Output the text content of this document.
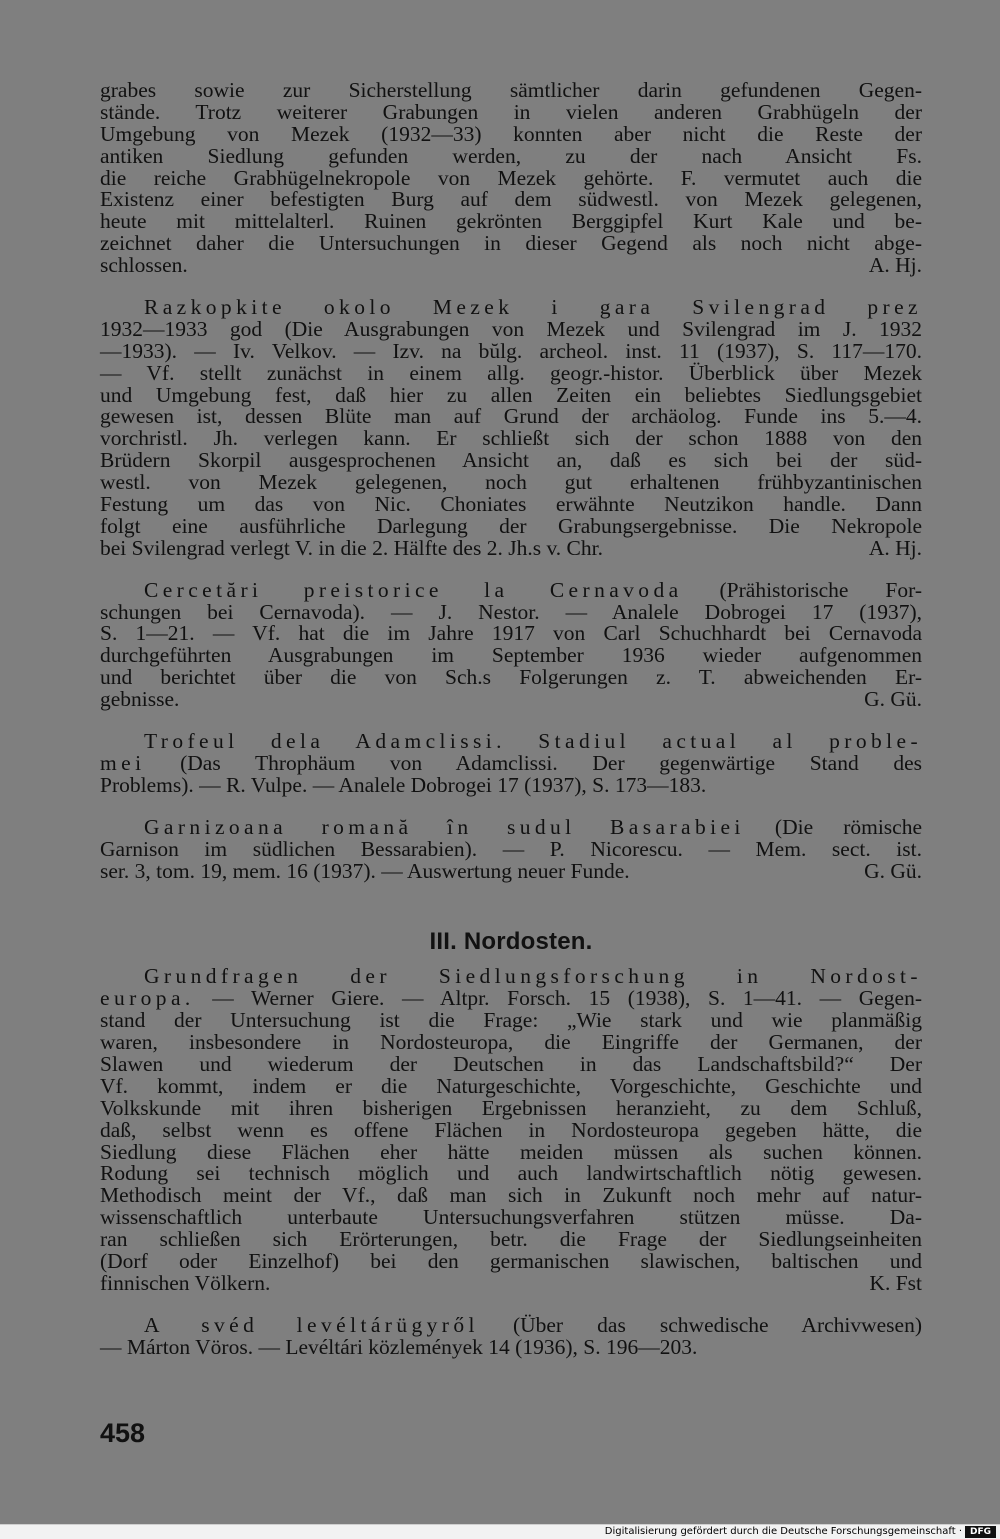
grabes sowie zur Sicherstellung sämtlicher darin gefundenen Gegen-
stände. Trotz weiterer Grabungen in vielen anderen Grabhügeln der
Umgebung von Mezek (1932—33) konnten aber nicht die Reste der
antiken Siedlung gefunden werden, zu der nach Ansicht Fs.
die reiche Grabhügelnekropole von Mezek gehörte. F. vermutet auch die
Existenz einer befestigten Burg auf dem südwestl. von Mezek gelegenen,
heute mit mittelalterl. Ruinen gekrönten Berggipfel Kurt Kale und be-
zeichnet daher die Untersuchungen in dieser Gegend als noch nicht abge-
schlossen.	A. Hj.
Razkopkite okolo Mezek i gara Svilengrad prez
1932—1933 god (Die Ausgrabungen von Mezek und Svilengrad im J. 1932
—1933). — Iv. Velkov. — Izv. na bŭlg. archeol. inst. 11 (1937), S. 117—170.
— Vf. stellt zunächst in einem allg. geogr.-histor. Überblick über Mezek
und Umgebung fest, daß hier zu allen Zeiten ein beliebtes Siedlungsgebiet
gewesen ist, dessen Blüte man auf Grund der archäolog. Funde ins 5.—4.
vorchristl. Jh. verlegen kann. Er schließt sich der schon 1888 von den
Brüdern Skorpil ausgesprochenen Ansicht an, daß es sich bei der süd-
westl. von Mezek gelegenen, noch gut erhaltenen frühbyzantinischen
Festung um das von Nic. Choniates erwähnte Neutzikon handle. Dann
folgt eine ausführliche Darlegung der Grabungsergebnisse. Die Nekropole
bei Svilengrad verlegt V. in die 2. Hälfte des 2. Jh.s v. Chr.	A. Hj.
Cercetări preistorice la Cernavoda (Prähistorische For-
schungen bei Cernavoda). — J. Nestor. — Analele Dobrogei 17 (1937),
S. 1—21. — Vf. hat die im Jahre 1917 von Carl Schuchhardt bei Cernavoda
durchgeführten Ausgrabungen im September 1936 wieder aufgenommen
und berichtet über die von Sch.s Folgerungen z. T. abweichenden Er-
gebnisse.	G. Gü.
Trofeul dela Adamclissi. Stadiul actual al proble-
mei (Das Throphäum von Adamclissi. Der gegenwärtige Stand des
Problems). — R. Vulpe. — Analele Dobrogei 17 (1937), S. 173—183.
Garnizoana romană în sudul Basarabiei (Die römische
Garnison im südlichen Bessarabien). — P. Nicorescu. — Mem. sect. ist.
ser. 3, tom. 19, mem. 16 (1937). — Auswertung neuer Funde.	G. Gü.
III. Nordosten.
Grundfragen der Siedlungsforschung in Nordost-
europa. — Werner Giere. — Altpr. Forsch. 15 (1938), S. 1—41. — Gegen-
stand der Untersuchung ist die Frage: „Wie stark und wie planmäßig
waren, insbesondere in Nordosteuropa, die Eingriffe der Germanen, der
Slawen und wiederum der Deutschen in das Landschaftsbild?“ Der
Vf. kommt, indem er die Naturgeschichte, Vorgeschichte, Geschichte und
Volkskunde mit ihren bisherigen Ergebnissen heranzieht, zu dem Schluß,
daß, selbst wenn es offene Flächen in Nordosteuropa gegeben hätte, die
Siedlung diese Flächen eher hätte meiden müssen als suchen können.
Rodung sei technisch möglich und auch landwirtschaftlich nötig gewesen.
Methodisch meint der Vf., daß man sich in Zukunft noch mehr auf natur-
wissenschaftlich unterbaute Untersuchungsverfahren stützen müsse. Da-
ran schließen sich Erörterungen, betr. die Frage der Siedlungseinheiten
(Dorf oder Einzelhof) bei den germanischen slawischen, baltischen und
finnischen Völkern.	K. Fst
A svéd levéltárügyről (Über das schwedische Archivwesen)
— Márton Vöros. — Levéltári közlemények 14 (1936), S. 196—203.
458
Digitalisierung gefördert durch die Deutsche Forschungsgemeinschaft · DFG
